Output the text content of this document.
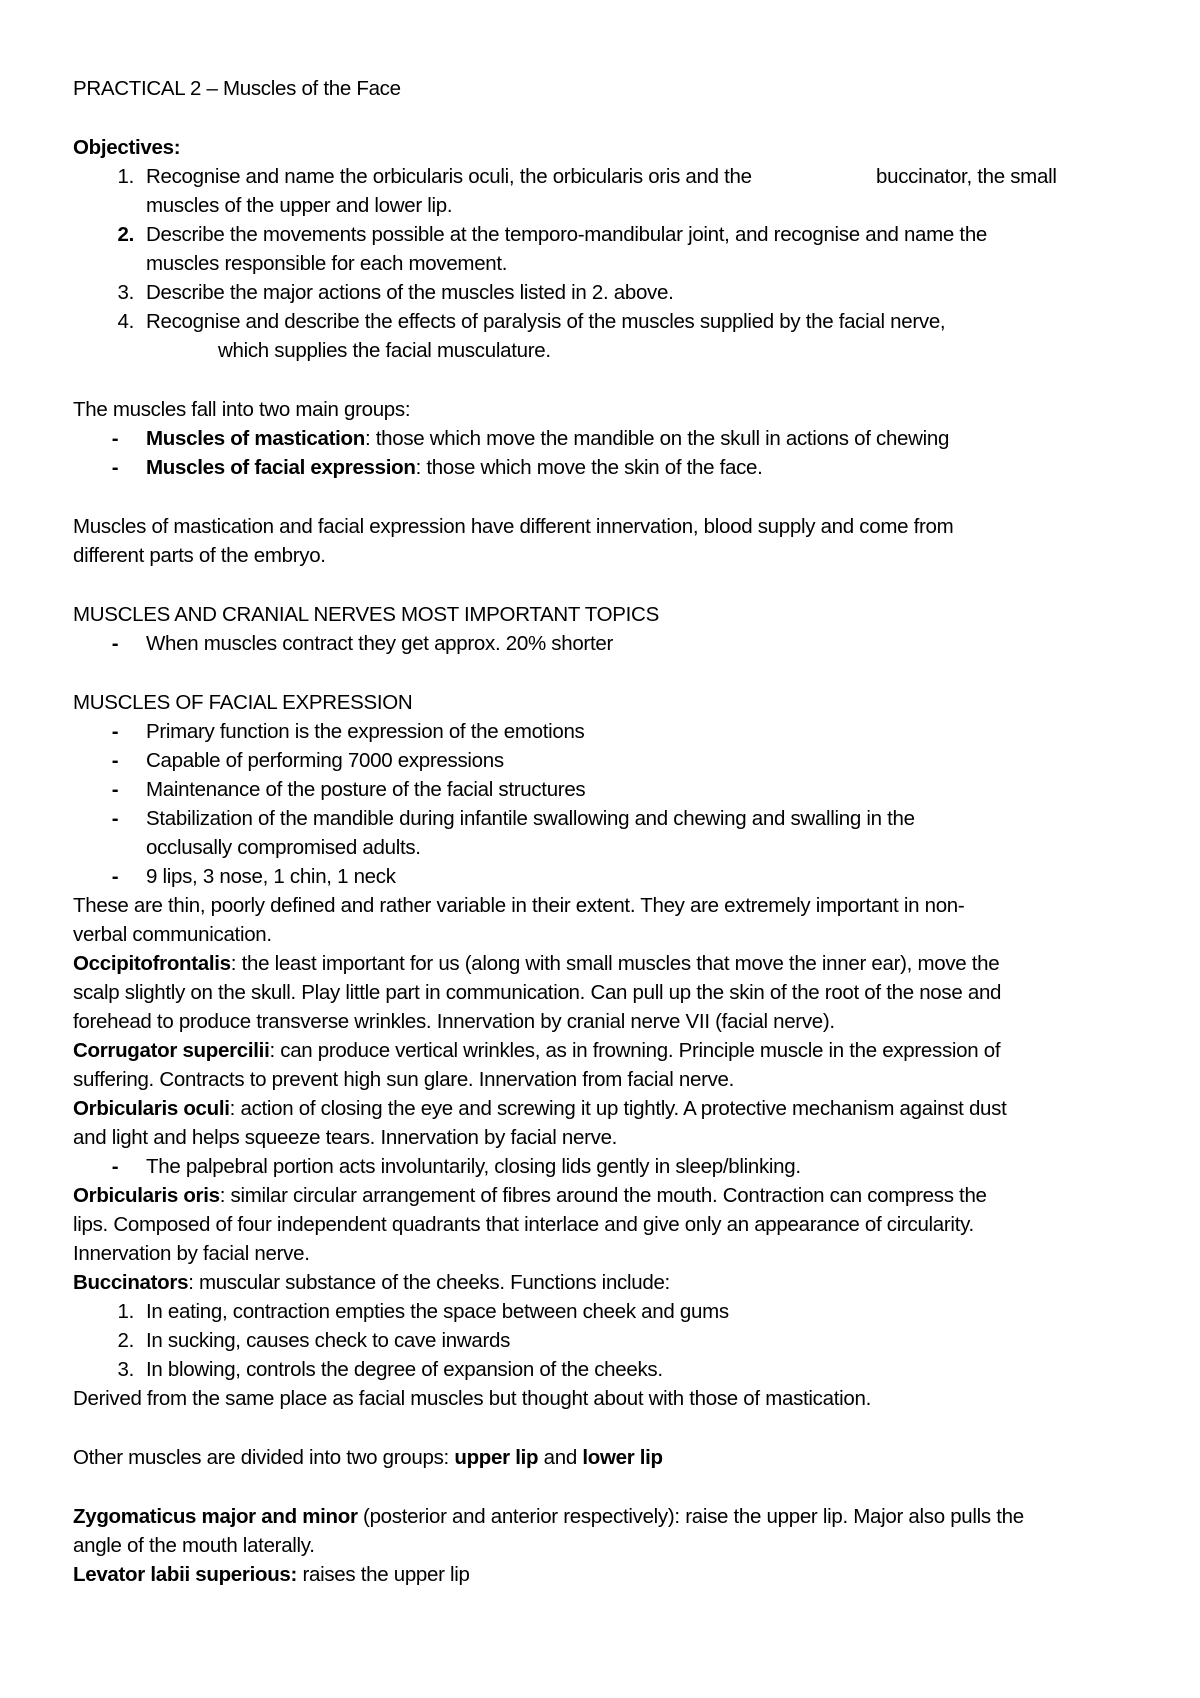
PRACTICAL 2 – Muscles of the Face
Objectives:
1. Recognise and name the orbicularis oculi, the orbicularis oris and the	buccinator, the small
muscles of the upper and lower lip.
2. Describe the movements possible at the temporo-mandibular joint, and recognise and name the
muscles responsible for each movement.
3. Describe the major actions of the muscles listed in 2. above.
4. Recognise and describe the effects of paralysis of the muscles supplied by the facial nerve,
which supplies the facial musculature.
The muscles fall into two main groups:
- Muscles of mastication: those which move the mandible on the skull in actions of chewing
- Muscles of facial expression: those which move the skin of the face.
Muscles of mastication and facial expression have different innervation, blood supply and come from
different parts of the embryo.
MUSCLES AND CRANIAL NERVES MOST IMPORTANT TOPICS
- When muscles contract they get approx. 20% shorter
MUSCLES OF FACIAL EXPRESSION
- Primary function is the expression of the emotions
- Capable of performing 7000 expressions
- Maintenance of the posture of the facial structures
- Stabilization of the mandible during infantile swallowing and chewing and swalling in the
occlusally compromised adults.
- 9 lips, 3 nose, 1 chin, 1 neck
These are thin, poorly defined and rather variable in their extent. They are extremely important in non-
verbal communication.
Occipitofrontalis: the least important for us (along with small muscles that move the inner ear), move the
scalp slightly on the skull. Play little part in communication. Can pull up the skin of the root of the nose and
forehead to produce transverse wrinkles. Innervation by cranial nerve VII (facial nerve).
Corrugator supercilii: can produce vertical wrinkles, as in frowning. Principle muscle in the expression of
suffering. Contracts to prevent high sun glare. Innervation from facial nerve.
Orbicularis oculi: action of closing the eye and screwing it up tightly. A protective mechanism against dust
and light and helps squeeze tears. Innervation by facial nerve.
- The palpebral portion acts involuntarily, closing lids gently in sleep/blinking.
Orbicularis oris: similar circular arrangement of fibres around the mouth. Contraction can compress the
lips. Composed of four independent quadrants that interlace and give only an appearance of circularity.
Innervation by facial nerve.
Buccinators: muscular substance of the cheeks. Functions include:
1. In eating, contraction empties the space between cheek and gums
2. In sucking, causes check to cave inwards
3. In blowing, controls the degree of expansion of the cheeks.
Derived from the same place as facial muscles but thought about with those of mastication.
Other muscles are divided into two groups: upper lip and lower lip
Zygomaticus major and minor (posterior and anterior respectively): raise the upper lip. Major also pulls the
angle of the mouth laterally.
Levator labii superious: raises the upper lip
